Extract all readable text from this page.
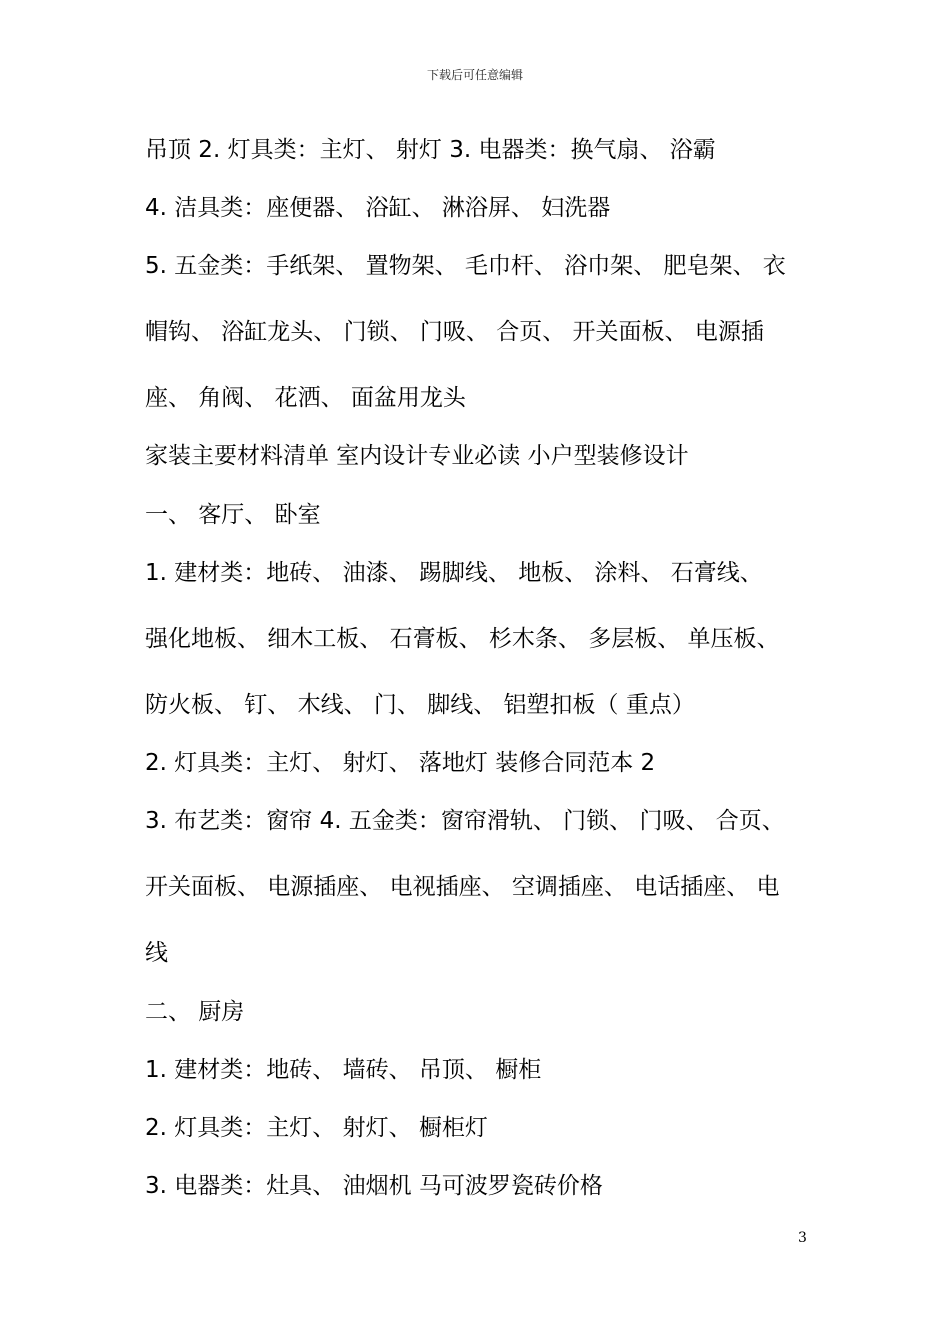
下载后可任意编辑
吊顶 2. 灯具类：主灯、 射灯 3. 电器类：换气扇、 浴霸
4. 洁具类：座便器、 浴缸、 淋浴屏、 妇洗器
5. 五金类：手纸架、 置物架、 毛巾杆、 浴巾架、 肥皂架、 衣
帽钩、 浴缸龙头、 门锁、 门吸、 合页、 开关面板、 电源插
座、 角阀、 花洒、 面盆用龙头
家装主要材料清单 室内设计专业必读 小户型装修设计
一、 客厅、 卧室
1. 建材类：地砖、 油漆、 踢脚线、 地板、 涂料、 石膏线、
强化地板、 细木工板、 石膏板、 杉木条、 多层板、 单压板、
防火板、 钉、 木线、 门、 脚线、 铝塑扣板（ 重点）
2. 灯具类：主灯、 射灯、 落地灯 装修合同范本 2
3. 布艺类：窗帘 4. 五金类：窗帘滑轨、 门锁、 门吸、 合页、
开关面板、 电源插座、 电视插座、 空调插座、 电话插座、 电
线
二、 厨房
1. 建材类：地砖、 墙砖、 吊顶、 橱柜
2. 灯具类：主灯、 射灯、 橱柜灯
3. 电器类：灶具、 油烟机 马可波罗瓷砖价格
3
